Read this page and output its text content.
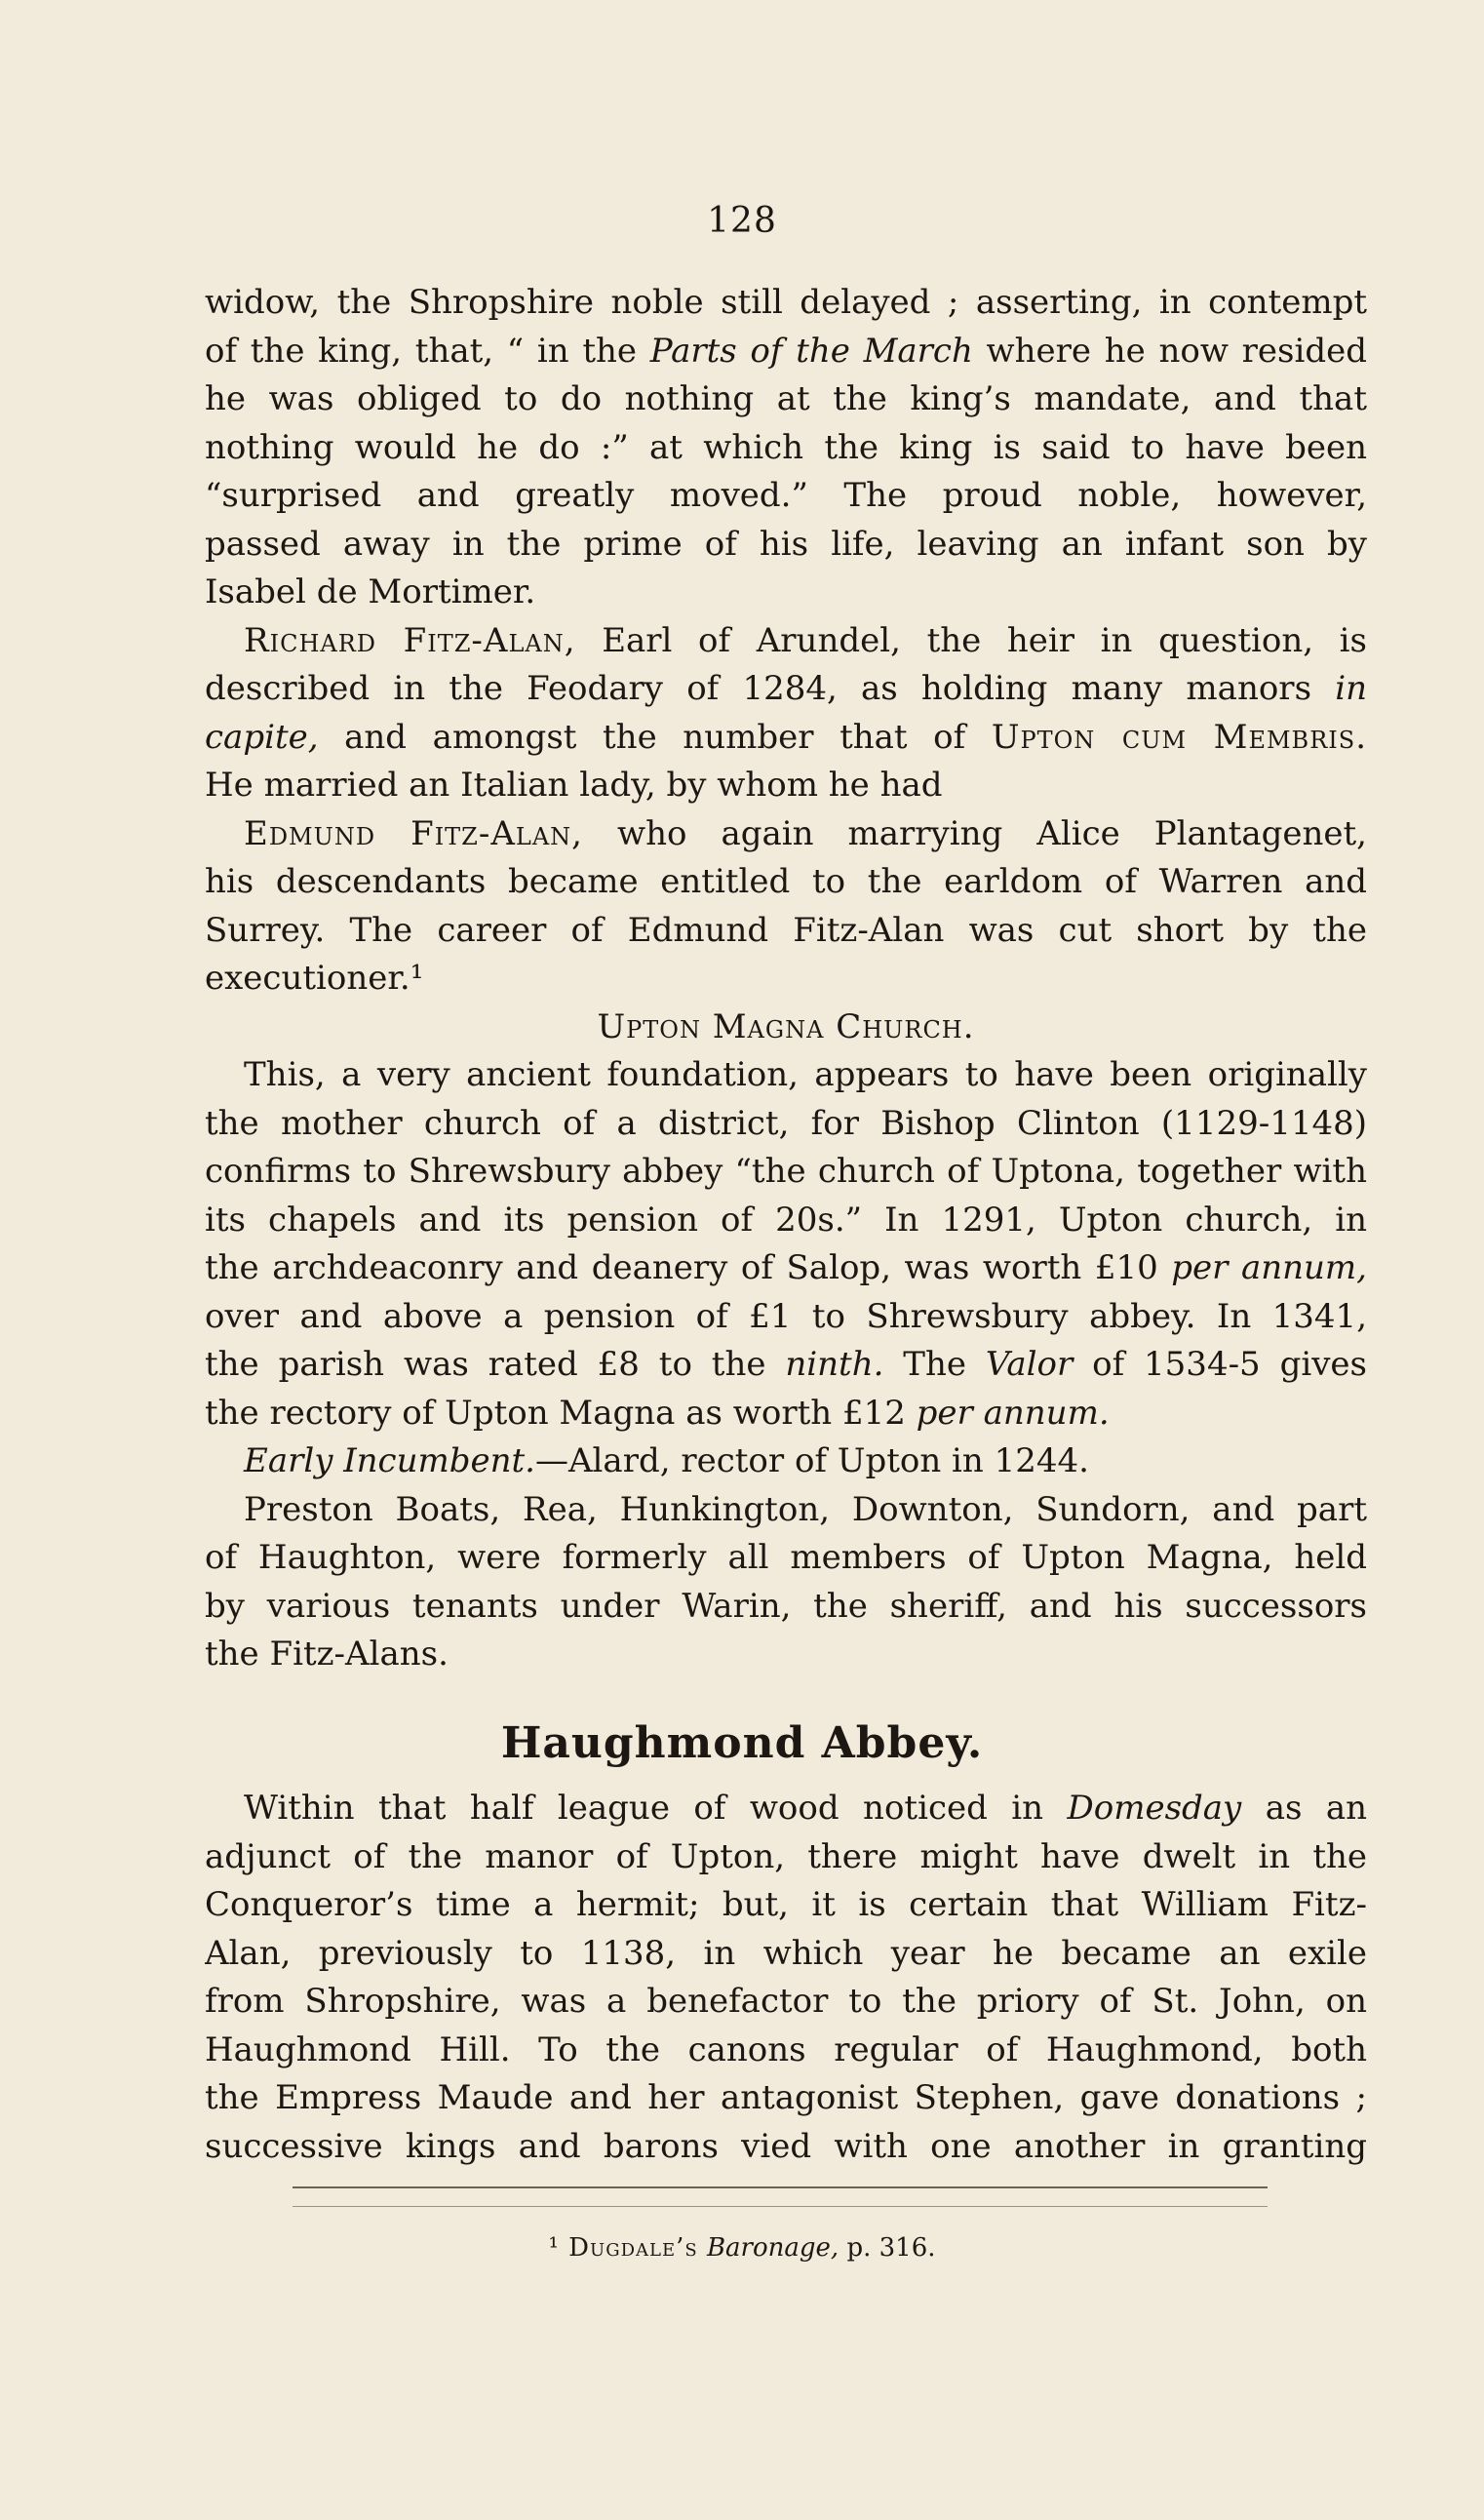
128
widow, the Shropshire noble still delayed ; asserting, in contempt
of the king, that, “ in the Parts of the March where he now resided
he was obliged to do nothing at the king’s mandate, and that
nothing would he do :” at which the king is said to have been
“surprised and greatly moved.” The proud noble, however,
passed away in the prime of his life, leaving an infant son by
Isabel de Mortimer.
Richard Fitz-Alan, Earl of Arundel, the heir in question, is
described in the Feodary of 1284, as holding many manors in
capite, and amongst the number that of Upton cum Membris.
He married an Italian lady, by whom he had
Edmund Fitz-Alan, who again marrying Alice Plantagenet,
his descendants became entitled to the earldom of Warren and
Surrey. The career of Edmund Fitz-Alan was cut short by the
executioner.¹
Upton Magna Church.
This, a very ancient foundation, appears to have been originally
the mother church of a district, for Bishop Clinton (1129-1148)
confirms to Shrewsbury abbey “the church of Uptona, together with
its chapels and its pension of 20s.” In 1291, Upton church, in
the archdeaconry and deanery of Salop, was worth £10 per annum,
over and above a pension of £1 to Shrewsbury abbey. In 1341,
the parish was rated £8 to the ninth. The Valor of 1534-5 gives
the rectory of Upton Magna as worth £12 per annum.
Early Incumbent.—Alard, rector of Upton in 1244.
Preston Boats, Rea, Hunkington, Downton, Sundorn, and part
of Haughton, were formerly all members of Upton Magna, held
by various tenants under Warin, the sheriff, and his successors
the Fitz-Alans.
Haughmond Abbey.
Within that half league of wood noticed in Domesday as an
adjunct of the manor of Upton, there might have dwelt in the
Conqueror’s time a hermit; but, it is certain that William Fitz-
Alan, previously to 1138, in which year he became an exile
from Shropshire, was a benefactor to the priory of St. John, on
Haughmond Hill. To the canons regular of Haughmond, both
the Empress Maude and her antagonist Stephen, gave donations ;
successive kings and barons vied with one another in granting
¹ Dugdale’s Baronage, p. 316.
